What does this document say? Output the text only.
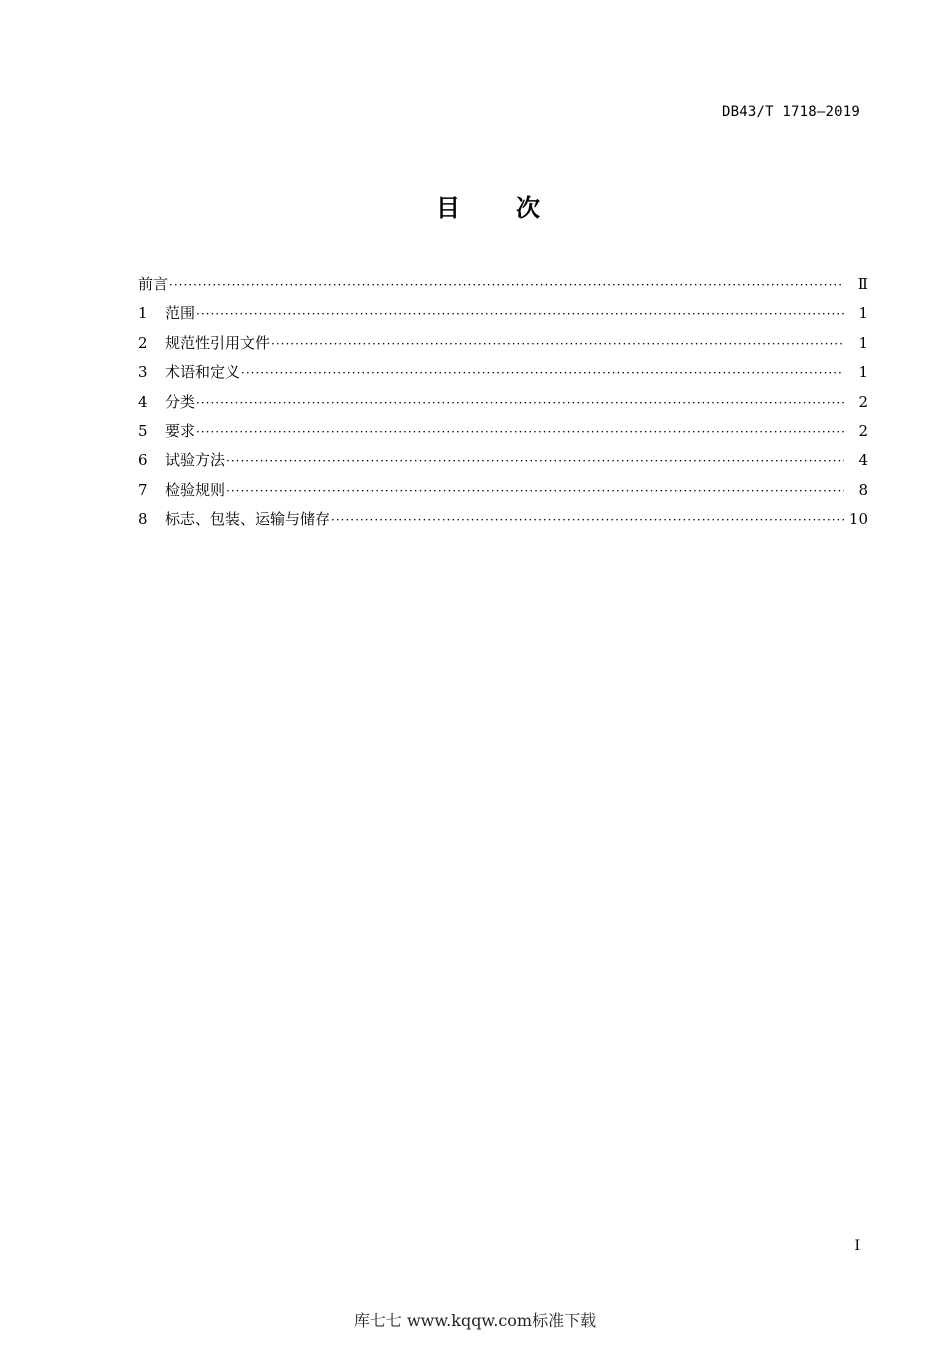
DB43/T 1718—2019
目 次
前言 ·····	Ⅱ
1	范围 ·····	1
2	规范性引用文件 ·····	1
3	术语和定义 ·····	1
4	分类 ·····	2
5	要求 ·····	2
6	试验方法 ·····	4
7	检验规则 ·····	8
8	标志、包装、运输与储存 ·····	10
I
库七七 www.kqqw.com标准下载
